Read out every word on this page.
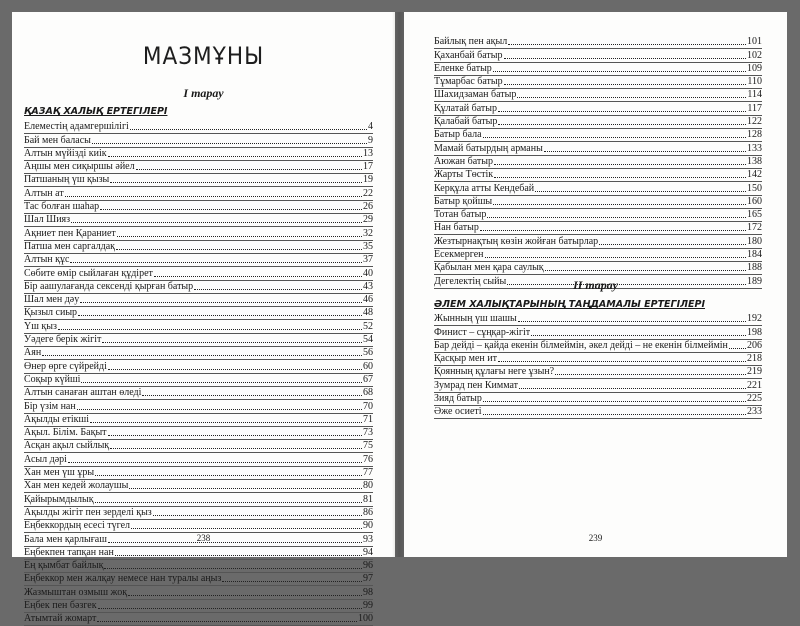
МАЗМҰНЫ
I тарау
ҚАЗАҚ ХАЛЫҚ ЕРТЕГІЛЕРІ
Елеместің адамгершілігі	4
Бай мен баласы	9
Алтын мүйізді киік	13
Аңшы мен сиқыршы әйел	17
Патшаның үш қызы	19
Алтын ат	22
Тас болған шаһар	26
Шал Шияз	29
Ақниет пен Қараниет	32
Патша мен саргалдақ	35
Алтын құс	37
Сөбите өмір сыйлаған құдірет	40
Бір аашулағанда сексенді қырған батыр	43
Шал мен дәу	46
Қызыл сиыр	48
Үш қыз	52
Уәдеге берік жігіт	54
Аян	56
Өнер өрге сүйрейді	60
Соқыр күйші	67
Алтын санаған аштан өледі	68
Бір үзім нан	70
Ақылды етікші	71
Ақыл. Білім. Бақыт	73
Асқан ақыл сыйлық	75
Асыл дәрі	76
Хан мен үш ұры	77
Хан мен кедей жолаушы	80
Қайырымдылық	81
Ақылды жігіт пен зерделі қыз	86
Еңбеккордың есесі түгел	90
Бала мен қарлығаш	93
Еңбекпен тапқан нан	94
Ең қымбат байлық	96
Еңбеккор мен жалқау немесе нан туралы аңыз	97
Жазмыштан озмыш жоқ	98
Еңбек пен бәзгек	99
Атымтай жомарт	100
238
Байлық пен ақыл	101
Қаханбай батыр	102
Еленке батыр	109
Тұмарбас батыр	110
Шахидзаман батыр	114
Құлатай батыр	117
Қалабай батыр	122
Батыр бала	128
Мамай батырдың арманы	133
Аюжан батыр	138
Жарты Төстік	142
Керқұла атты Кендебай	150
Батыр қойшы	160
Тотан батыр	165
Нан батыр	172
Жезтырнақтың көзін жойған батырлар	180
Есекмерген	184
Қабылан мен қара саулық	188
Дегелектің сыйы	189
II тарау
ӘЛЕМ ХАЛЫҚТАРЫНЫҢ ТАҢДАМАЛЫ ЕРТЕГІЛЕРІ
Жынның үш шашы	192
Финист – сұңқар-жігіт	198
Бар дейді – қайда екенін білмеймін, әкел дейді – не екенін білмеймін 206
Қасқыр мен ит	218
Қоянның құлағы неге ұзын?	219
Зумрад пен Киммат	221
Зияд батыр	225
Әже осиеті	233
239
